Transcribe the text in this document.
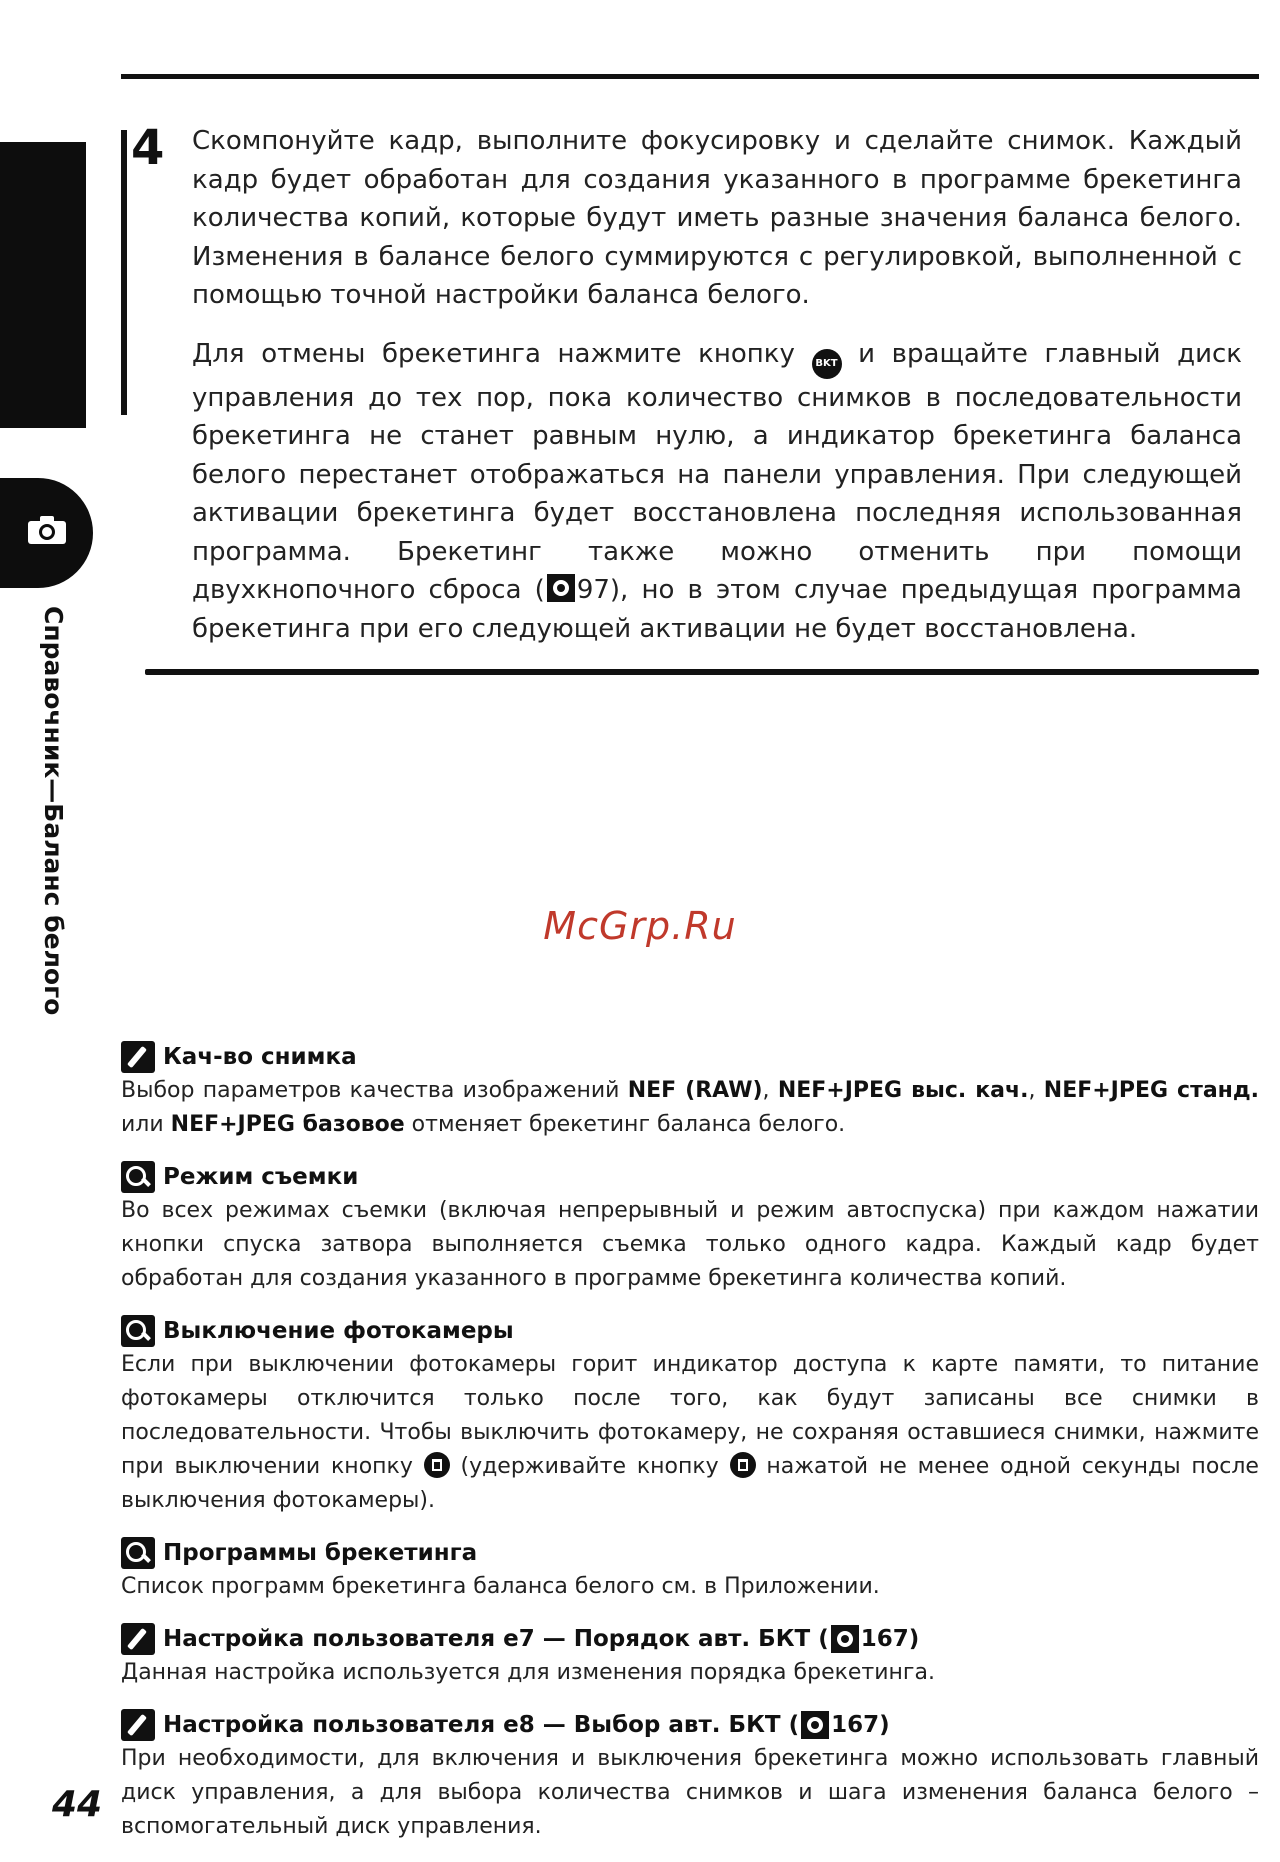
Справочник—Баланс белого
4 Скомпонуйте кадр, выполните фокусировку и сделайте снимок. Каждый кадр будет обработан для создания указанного в программе брекетинга количества копий, которые будут иметь разные значения баланса белого. Изменения в балансе белого суммируются с регулировкой, выполненной с помощью точной настройки баланса белого.

Для отмены брекетинга нажмите кнопку BKT и вращайте главный диск управления до тех пор, пока количество снимков в последовательности брекетинга не станет равным нулю, а индикатор брекетинга баланса белого перестанет отображаться на панели управления. При следующей активации брекетинга будет восстановлена последняя использованная программа. Брекетинг также можно отменить при помощи двухкнопочного сброса ( 97), но в этом случае предыдущая программа брекетинга при его следующей активации не будет восстановлена.

McGrp.Ru
Кач-во снимка
Выбор параметров качества изображений NEF (RAW), NEF+JPEG выс. кач., NEF+JPEG станд. или NEF+JPEG базовое отменяет брекетинг баланса белого.
Режим съемки
Во всех режимах съемки (включая непрерывный и режим автоспуска) при каждом нажатии кнопки спуска затвора выполняется съемка только одного кадра. Каждый кадр будет обработан для создания указанного в программе брекетинга количества копий.
Выключение фотокамеры
Если при выключении фотокамеры горит индикатор доступа к карте памяти, то питание фотокамеры отключится только после того, как будут записаны все снимки в последовательности. Чтобы выключить фотокамеру, не сохраняя оставшиеся снимки, нажмите при выключении кнопку  (удерживайте кнопку  нажатой не менее одной секунды после выключения фотокамеры).
Программы брекетинга
Список программ брекетинга баланса белого см. в Приложении.
Настройка пользователя e7 — Порядок авт. БКТ ( 167 )
Данная настройка используется для изменения порядка брекетинга.
Настройка пользователя e8 — Выбор авт. БКТ ( 167 )
При необходимости, для включения и выключения брекетинга можно использовать главный диск управления, а для выбора количества снимков и шага изменения баланса белого – вспомогательный диск управления.
44
